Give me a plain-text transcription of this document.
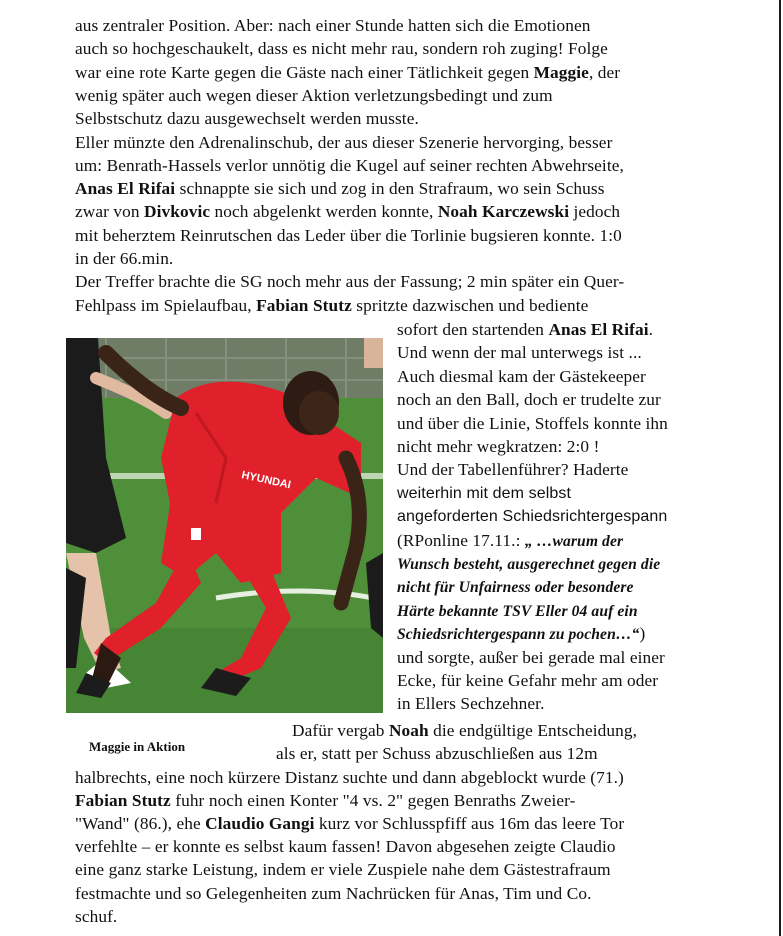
aus zentraler Position. Aber: nach einer Stunde hatten sich die Emotionen
auch so hochgeschaukelt, dass es nicht mehr rau, sondern roh zuging! Folge
war eine rote Karte gegen die Gäste nach einer Tätlichkeit gegen Maggie, der
wenig später auch wegen dieser Aktion verletzungsbedingt und zum
Selbstschutz dazu ausgewechselt werden musste.
Eller münzte den Adrenalinschub, der aus dieser Szenerie hervorging, besser
um: Benrath-Hassels verlor unnötig die Kugel auf seiner rechten Abwehrseite,
Anas El Rifai schnappte sie sich und zog in den Strafraum, wo sein Schuss
zwar von Divkovic noch abgelenkt werden konnte, Noah Karczewski jedoch
mit beherztem Reinrutschen das Leder über die Torlinie bugsieren konnte. 1:0
in der 66.min.
Der Treffer brachte die SG noch mehr aus der Fassung; 2 min später ein Quer-
Fehlpass im Spielaufbau, Fabian Stutz spritzte dazwischen und bediente
sofort den startenden Anas El Rifai.
Und wenn der mal unterwegs ist ...
Auch diesmal kam der Gästekeeper
noch an den Ball, doch er trudelte zur
und über die Linie, Stoffels konnte ihn
nicht mehr wegkratzen: 2:0 !
Und der Tabellenführer? Haderte
weiterhin mit dem selbst
angeforderten Schiedsrichtergespann
(RPonline 17.11.: „ …warum der
Wunsch besteht, ausgerechnet gegen die
nicht für Unfairness oder besondere
Härte bekannte TSV Eller 04 auf ein
Schiedsrichtergespann zu pochen…“)
und sorgte, außer bei gerade mal einer
Ecke, für keine Gefahr mehr am oder
in Ellers Sechzehner.
Dafür vergab Noah die endgültige Entscheidung,
als er, statt per Schuss abzuschließen aus 12m
halbrechts, eine noch kürzere Distanz suchte und dann abgeblockt wurde (71.)
Fabian Stutz fuhr noch einen Konter "4 vs. 2" gegen Benraths Zweier-
"Wand" (86.), ehe Claudio Gangi kurz vor Schlusspfiff aus 16m das leere Tor
verfehlte – er konnte es selbst kaum fassen! Davon abgesehen zeigte Claudio
eine ganz starke Leistung, indem er viele Zuspiele nahe dem Gästestrafraum
festmachte und so Gelegenheiten zum Nachrücken für Anas, Tim und Co.
schuf.
HYUNDAI
Maggie in Aktion
